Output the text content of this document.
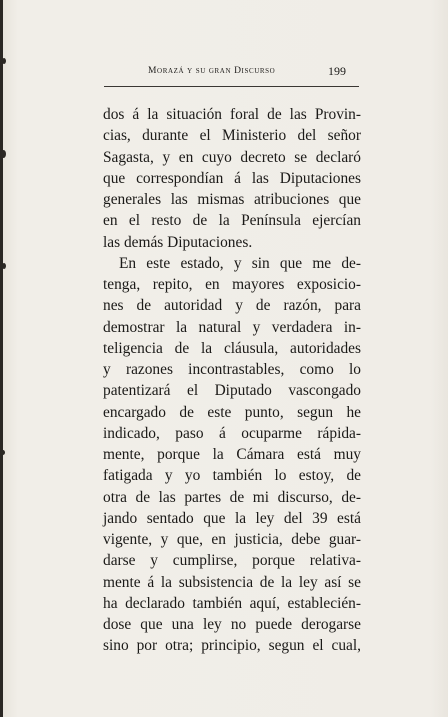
Morazá y su gran Discurso	199
dos á la situación foral de las Provin-
cias, durante el Ministerio del señor
Sagasta, y en cuyo decreto se declaró
que correspondían á las Diputaciones
generales las mismas atribuciones que
en el resto de la Península ejercían
las demás Diputaciones.
En este estado, y sin que me de-
tenga, repito, en mayores exposicio-
nes de autoridad y de razón, para
demostrar la natural y verdadera in-
teligencia de la cláusula, autoridades
y razones incontrastables, como lo
patentizará el Diputado vascongado
encargado de este punto, segun he
indicado, paso á ocuparme rápida-
mente, porque la Cámara está muy
fatigada y yo también lo estoy, de
otra de las partes de mi discurso, de-
jando sentado que la ley del 39 está
vigente, y que, en justicia, debe guar-
darse y cumplirse, porque relativa-
mente á la subsistencia de la ley así se
ha declarado también aquí, establecién-
dose que una ley no puede derogarse
sino por otra; principio, segun el cual,
